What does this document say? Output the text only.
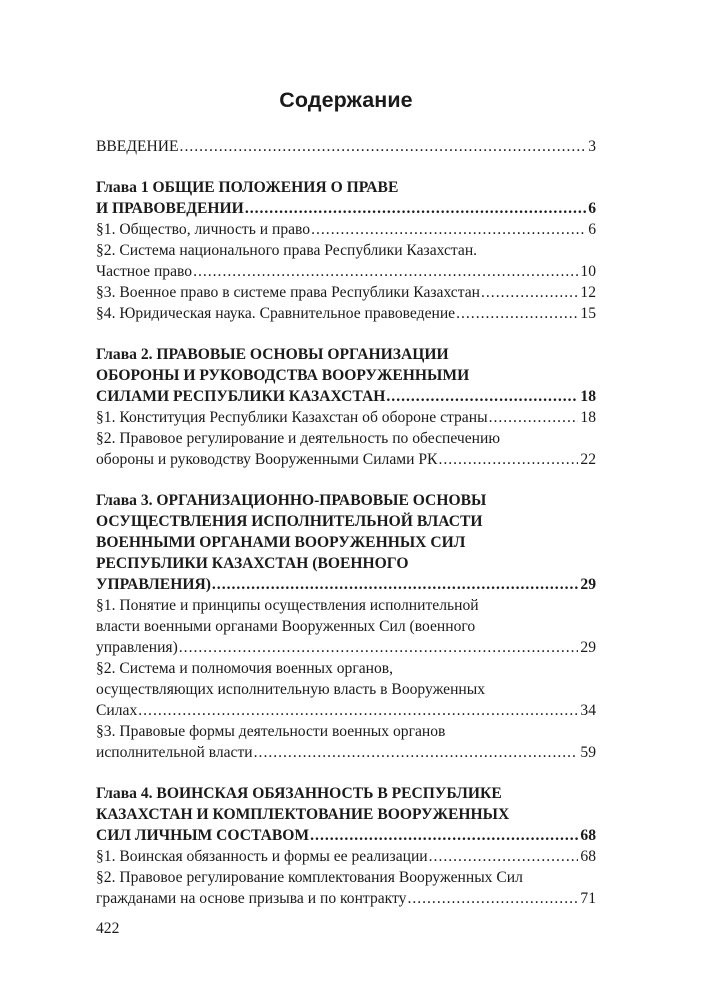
Содержание
ВВЕДЕНИЕ .....	3
Глава 1 ОБЩИЕ ПОЛОЖЕНИЯ О ПРАВЕ
И ПРАВОВЕДЕНИИ .....	6
§1. Общество, личность и право .....	6
§2. Система национального права Республики Казахстан.
Частное право .....	10
§3. Военное право в системе права Республики Казахстан .....	12
§4. Юридическая наука. Сравнительное правоведение .....	15
Глава 2. ПРАВОВЫЕ ОСНОВЫ ОРГАНИЗАЦИИ
ОБОРОНЫ И РУКОВОДСТВА ВООРУЖЕННЫМИ
СИЛАМИ РЕСПУБЛИКИ КАЗАХСТАН .....	18
§1. Конституция Республики Казахстан об обороне страны .....	18
§2. Правовое регулирование и деятельность по обеспечению
обороны и руководству Вооруженными Силами РК .....	22
Глава 3. ОРГАНИЗАЦИОННО-ПРАВОВЫЕ ОСНОВЫ
ОСУЩЕСТВЛЕНИЯ ИСПОЛНИТЕЛЬНОЙ ВЛАСТИ
ВОЕННЫМИ ОРГАНАМИ ВООРУЖЕННЫХ СИЛ
РЕСПУБЛИКИ КАЗАХСТАН (ВОЕННОГО
УПРАВЛЕНИЯ) .....	29
§1. Понятие и принципы осуществления исполнительной
власти военными органами Вооруженных Сил (военного
управления) .....	29
§2. Система и полномочия военных органов,
осуществляющих исполнительную власть в Вооруженных
Силах .....	34
§3. Правовые формы деятельности военных органов
исполнительной власти .....	59
Глава 4. ВОИНСКАЯ ОБЯЗАННОСТЬ В РЕСПУБЛИКЕ
КАЗАХСТАН И КОМПЛЕКТОВАНИЕ ВООРУЖЕННЫХ
СИЛ ЛИЧНЫМ СОСТАВОМ .....	68
§1. Воинская обязанность и формы ее реализации .....	68
§2. Правовое регулирование комплектования Вооруженных Сил
гражданами на основе призыва и по контракту .....	71
422
